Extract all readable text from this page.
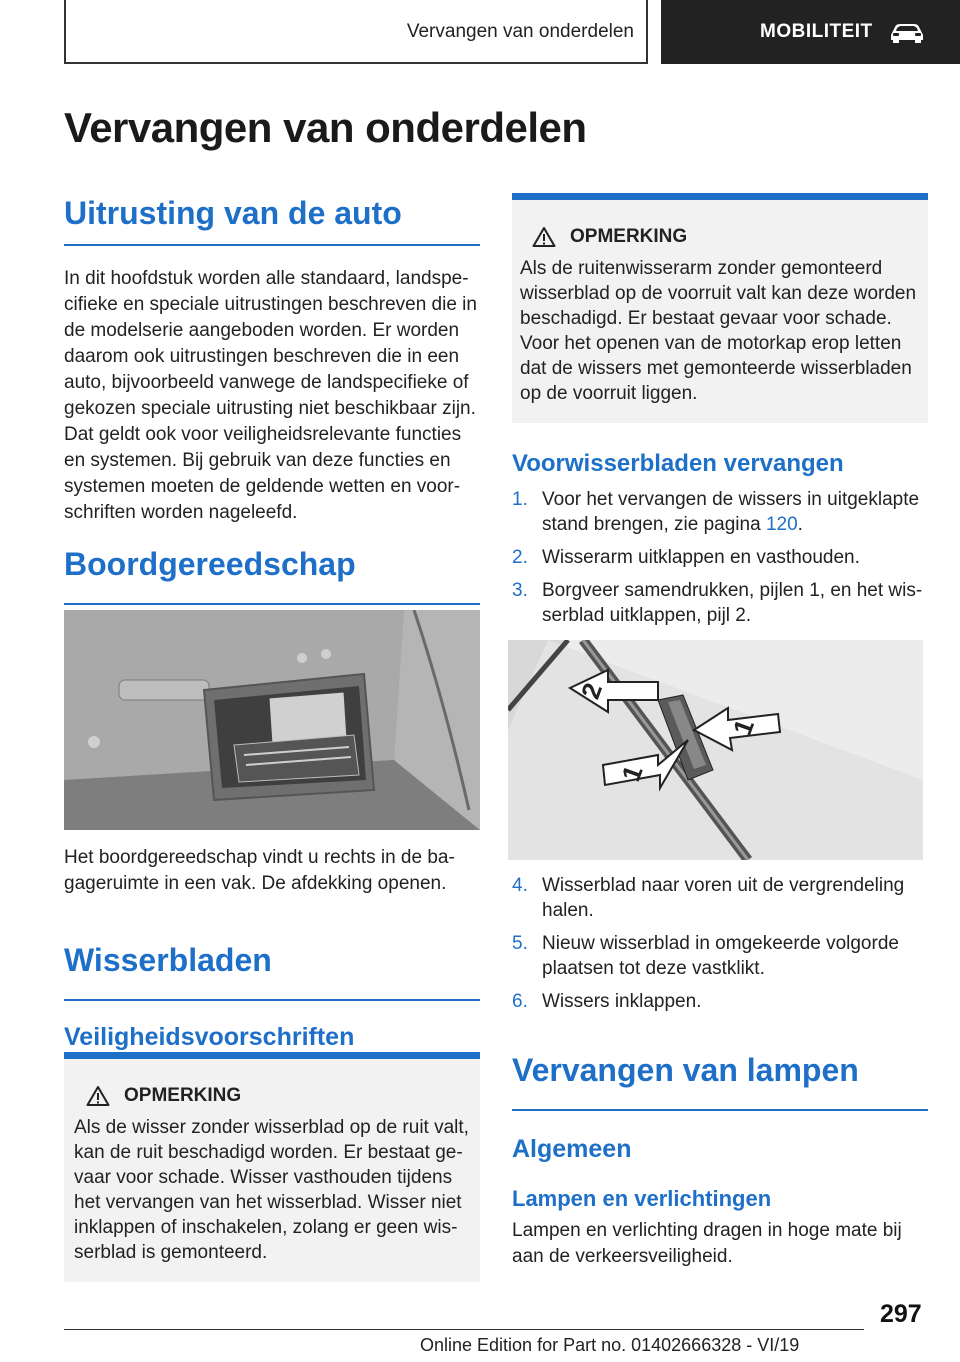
Vervangen van onderdelen	MOBILITEIT
Vervangen van onderdelen
Uitrusting van de auto
In dit hoofdstuk worden alle standaard, landspe-
cifieke en speciale uitrustingen beschreven die in
de modelserie aangeboden worden. Er worden
daarom ook uitrustingen beschreven die in een
auto, bijvoorbeeld vanwege de landspecifieke of
gekozen speciale uitrusting niet beschikbaar zijn.
Dat geldt ook voor veiligheidsrelevante functies
en systemen. Bij gebruik van deze functies en
systemen moeten de geldende wetten en voor-
schriften worden nageleefd.
Boordgereedschap
Het boordgereedschap vindt u rechts in de ba-
gageruimte in een vak. De afdekking openen.
Wisserbladen
Veiligheidsvoorschriften
OPMERKING
Als de wisser zonder wisserblad op de ruit valt,
kan de ruit beschadigd worden. Er bestaat ge-
vaar voor schade. Wisser vasthouden tijdens
het vervangen van het wisserblad. Wisser niet
inklappen of inschakelen, zolang er geen wis-
serblad is gemonteerd.
OPMERKING
Als de ruitenwisserarm zonder gemonteerd
wisserblad op de voorruit valt kan deze worden
beschadigd. Er bestaat gevaar voor schade.
Voor het openen van de motorkap erop letten
dat de wissers met gemonteerde wisserbladen
op de voorruit liggen.
Voorwisserbladen vervangen
1. Voor het vervangen de wissers in uitgeklapte
stand brengen, zie pagina 120.
2. Wisserarm uitklappen en vasthouden.
3. Borgveer samendrukken, pijlen 1, en het wis-
serblad uitklappen, pijl 2.
2
1
1
4. Wisserblad naar voren uit de vergrendeling
halen.
5. Nieuw wisserblad in omgekeerde volgorde
plaatsen tot deze vastklikt.
6. Wissers inklappen.
Vervangen van lampen
Algemeen
Lampen en verlichtingen
Lampen en verlichting dragen in hoge mate bij
aan de verkeersveiligheid.
297
Online Edition for Part no. 01402666328 - VI/19
